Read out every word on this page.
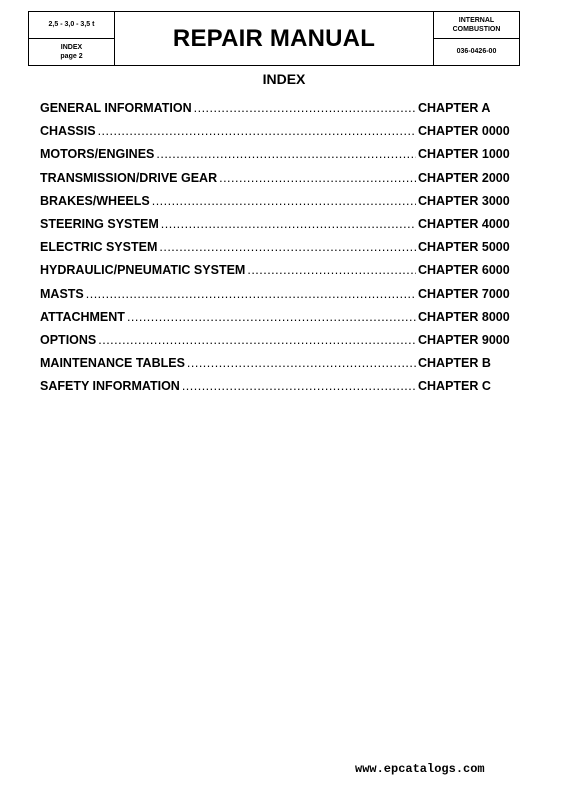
2,5 - 3,0 - 3,5 t
INDEX
page 2
REPAIR MANUAL
INTERNAL
COMBUSTION
036-0426-00
INDEX
GENERAL INFORMATION .....	CHAPTER A
CHASSIS .....	CHAPTER 0000
MOTORS/ENGINES .....	CHAPTER 1000
TRANSMISSION/DRIVE GEAR .....	CHAPTER 2000
BRAKES/WHEELS .....	CHAPTER 3000
STEERING SYSTEM .....	CHAPTER 4000
ELECTRIC SYSTEM .....	CHAPTER 5000
HYDRAULIC/PNEUMATIC SYSTEM .....	CHAPTER 6000
MASTS .....	CHAPTER 7000
ATTACHMENT .....	CHAPTER 8000
OPTIONS .....	CHAPTER 9000
MAINTENANCE TABLES .....	CHAPTER B
SAFETY INFORMATION .....	CHAPTER C
www.epcatalogs.com
